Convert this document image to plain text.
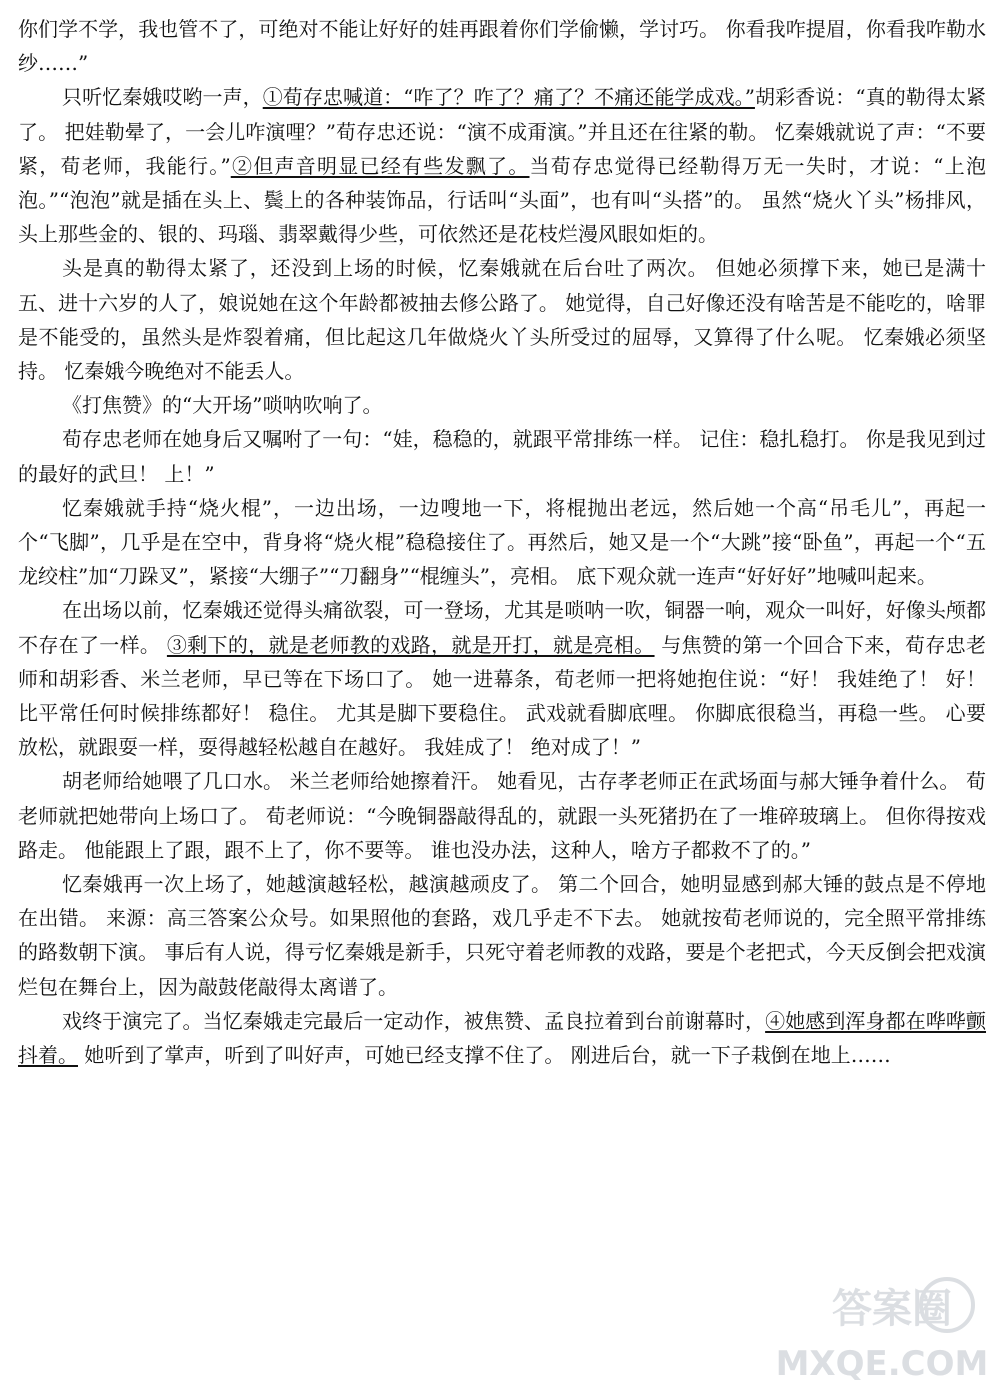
你们学不学，我也管不了，可绝对不能让好好的娃再跟着你们学偷懒，学讨巧。 你看我咋提眉，你看我咋勒水纱……”

只听忆秦娥哎哟一声，①荀存忠喊道：“咋了？咋了？痛了？不痛还能学成戏。”胡彩香说：“真的勒得太紧了。 把娃勒晕了，一会儿咋演哩？”荀存忠还说：“演不成甭演。”并且还在往紧的勒。 忆秦娥就说了声：“不要紧，荀老师，我能行。”②但声音明显已经有些发飘了。当荀存忠觉得已经勒得万无一失时，才说：“上泡泡。”“泡泡”就是插在头上、鬓上的各种装饰品，行话叫“头面”，也有叫“头搭”的。 虽然“烧火丫头”杨排风，头上那些金的、银的、玛瑙、翡翠戴得少些，可依然还是花枝烂漫风眼如炬的。

头是真的勒得太紧了，还没到上场的时候，忆秦娥就在后台吐了两次。 但她必须撑下来，她已是满十五、进十六岁的人了，娘说她在这个年龄都被抽去修公路了。 她觉得，自己好像还没有啥苦是不能吃的，啥罪是不能受的，虽然头是炸裂着痛，但比起这几年做烧火丫头所受过的屈辱，又算得了什么呢。 忆秦娥必须坚持。 忆秦娥今晚绝对不能丢人。

《打焦赞》的“大开场”唢呐吹响了。

荀存忠老师在她身后又嘱咐了一句：“娃，稳稳的，就跟平常排练一样。 记住：稳扎稳打。 你是我见到过的最好的武旦！ 上！”

忆秦娥就手持“烧火棍”，一边出场，一边嗖地一下，将棍抛出老远，然后她一个高“吊毛儿”，再起一个“飞脚”，几乎是在空中，背身将“烧火棍”稳稳接住了。再然后，她又是一个“大跳”接“卧鱼”，再起一个“五龙绞柱”加“刀跺叉”，紧接“大绷子”“刀翻身”“棍缠头”，亮相。 底下观众就一连声“好好好”地喊叫起来。

在出场以前，忆秦娥还觉得头痛欲裂，可一登场，尤其是唢呐一吹，铜器一响，观众一叫好，好像头颅都不存在了一样。 ③剩下的，就是老师教的戏路，就是开打，就是亮相。 与焦赞的第一个回合下来，荀存忠老师和胡彩香、米兰老师，早已等在下场口了。 她一进幕条，荀老师一把将她抱住说：“好！ 我娃绝了！ 好！ 比平常任何时候排练都好！ 稳住。 尤其是脚下要稳住。 武戏就看脚底哩。 你脚底很稳当，再稳一些。 心要放松，就跟耍一样，耍得越轻松越自在越好。 我娃成了！ 绝对成了！”

胡老师给她喂了几口水。 米兰老师给她擦着汗。 她看见，古存孝老师正在武场面与郝大锤争着什么。 荀老师就把她带向上场口了。 荀老师说：“今晚铜器敲得乱的，就跟一头死猪扔在了一堆碎玻璃上。 但你得按戏路走。 他能跟上了跟，跟不上了，你不要等。 谁也没办法，这种人，啥方子都救不了的。”

忆秦娥再一次上场了，她越演越轻松，越演越顽皮了。 第二个回合，她明显感到郝大锤的鼓点是不停地在出错。 来源：高三答案公众号。如果照他的套路，戏几乎走不下去。 她就按荀老师说的，完全照平常排练的路数朝下演。 事后有人说，得亏忆秦娥是新手，只死守着老师教的戏路，要是个老把式，今天反倒会把戏演烂包在舞台上，因为敲鼓佬敲得太离谱了。

戏终于演完了。当忆秦娥走完最后一定动作，被焦赞、孟良拉着到台前谢幕时，④她感到浑身都在哗哗颤抖着。 她听到了掌声，听到了叫好声，可她已经支撑不住了。 刚进后台，就一下子栽倒在地上……

答案圈
MXQE.COM
